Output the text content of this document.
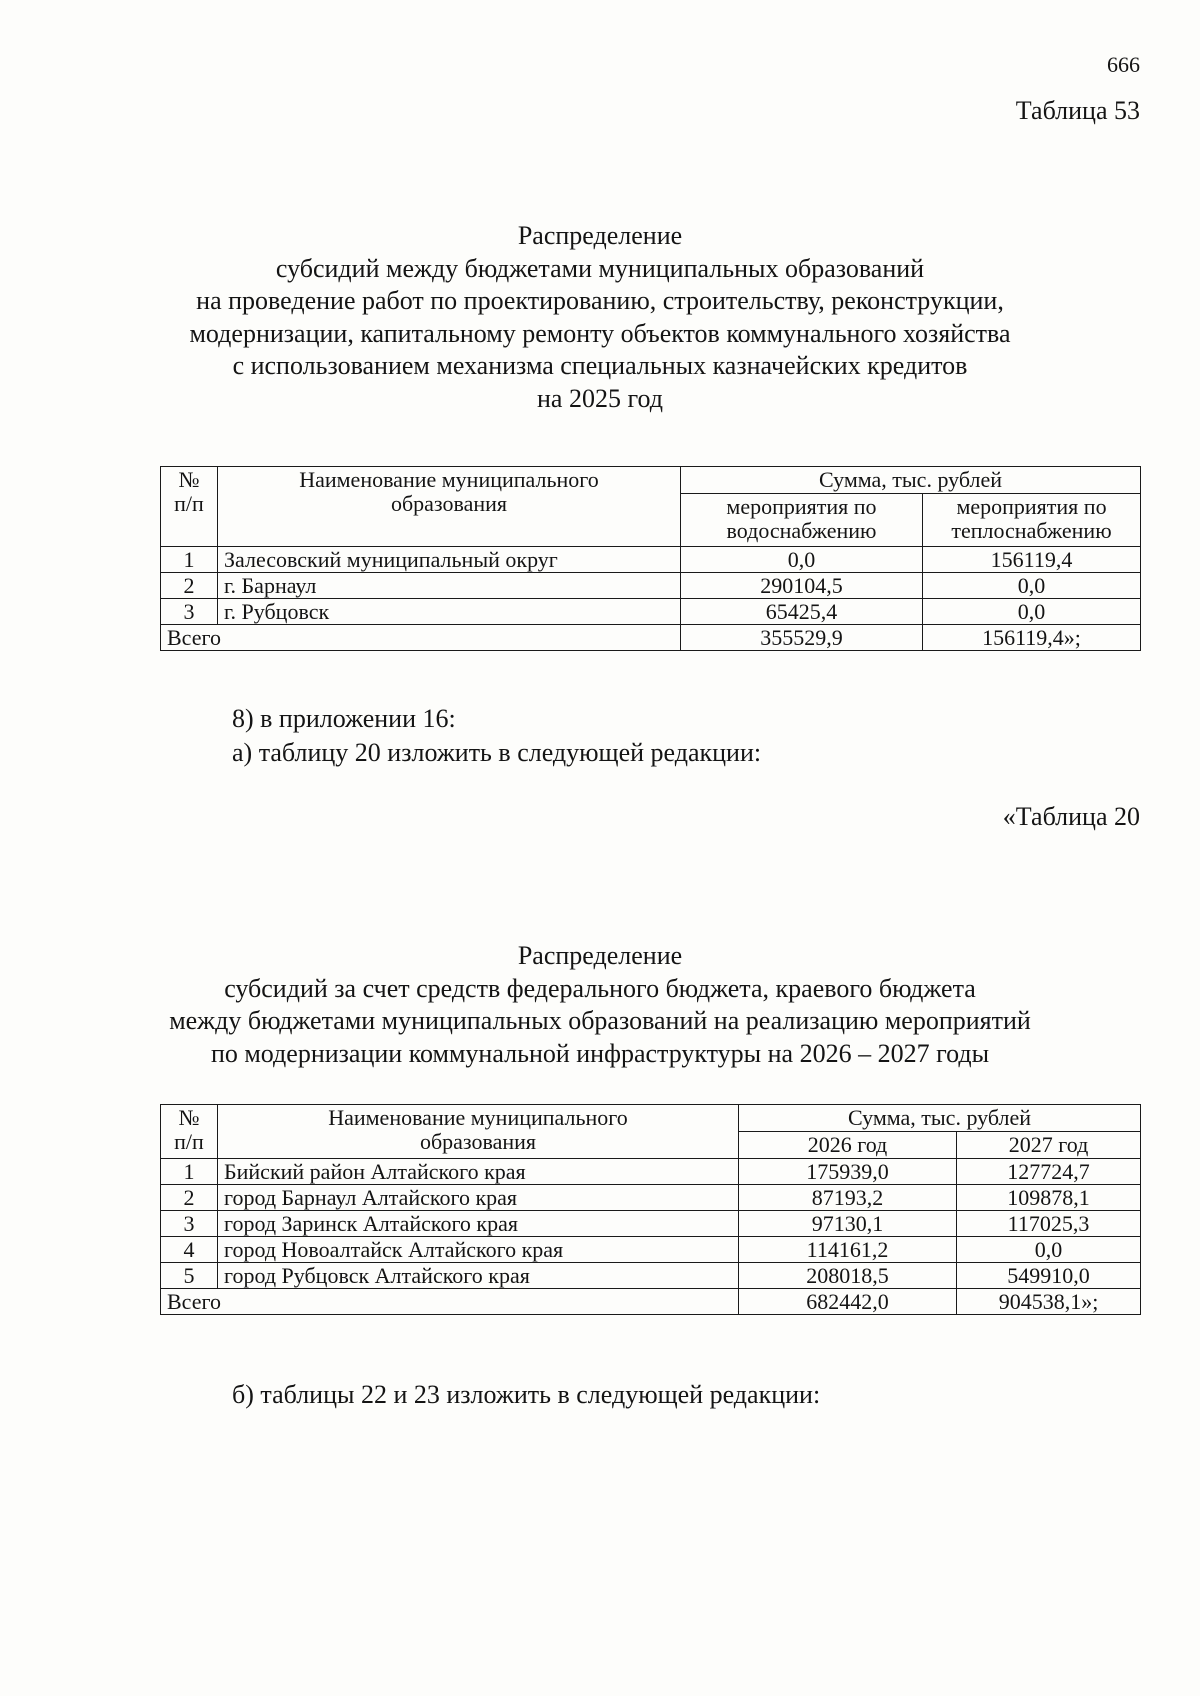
666
Таблица 53
Распределение
субсидий между бюджетами муниципальных образований
на проведение работ по проектированию, строительству, реконструкции,
модернизации, капитальному ремонту объектов коммунального хозяйства
с использованием механизма специальных казначейских кредитов
на 2025 год
№ п/п	Наименование муниципального образования	Сумма, тыс. рублей	
		мероприятия по водоснабжению	мероприятия по теплоснабжению
1	Залесовский муниципальный округ	0,0	156119,4
2	г. Барнаул	290104,5	0,0
3	г. Рубцовск	65425,4	0,0
Всего		355529,9	156119,4»;
8) в приложении 16:
а) таблицу 20 изложить в следующей редакции:
«Таблица 20
Распределение
субсидий за счет средств федерального бюджета, краевого бюджета
между бюджетами муниципальных образований на реализацию мероприятий
по модернизации коммунальной инфраструктуры на 2026 – 2027 годы
№ п/п	Наименование муниципального образования	Сумма, тыс. рублей	
		2026 год	2027 год
1	Бийский район Алтайского края	175939,0	127724,7
2	город Барнаул Алтайского края	87193,2	109878,1
3	город Заринск Алтайского края	97130,1	117025,3
4	город Новоалтайск Алтайского края	114161,2	0,0
5	город Рубцовск Алтайского края	208018,5	549910,0
Всего		682442,0	904538,1»;
б) таблицы 22 и 23 изложить в следующей редакции:
